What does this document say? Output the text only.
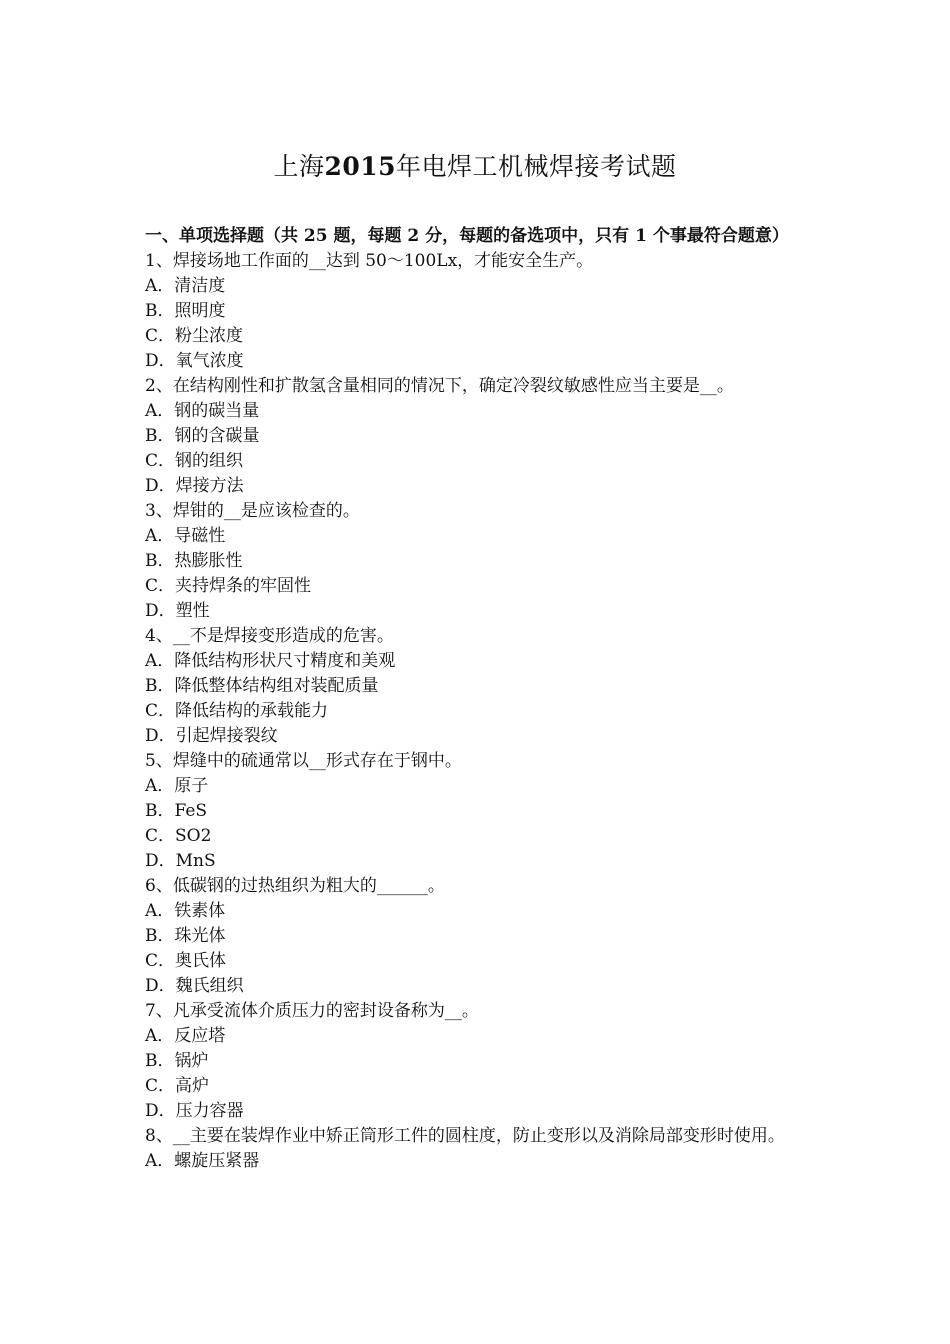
上海2015年电焊工机械焊接考试题

一、单项选择题（共 25 题，每题 2 分，每题的备选项中，只有 1 个事最符合题意）

1、焊接场地工作面的__达到 50～100Lx，才能安全生产。

A．清洁度

B．照明度

C．粉尘浓度

D．氧气浓度

2、在结构刚性和扩散氢含量相同的情况下，确定冷裂纹敏感性应当主要是__。

A．钢的碳当量

B．钢的含碳量

C．钢的组织

D．焊接方法

3、焊钳的__是应该检查的。

A．导磁性

B．热膨胀性

C．夹持焊条的牢固性

D．塑性

4、__不是焊接变形造成的危害。

A．降低结构形状尺寸精度和美观

B．降低整体结构组对装配质量

C．降低结构的承载能力

D．引起焊接裂纹

5、焊缝中的硫通常以__形式存在于钢中。

A．原子

B．FeS

C．SO2

D．MnS

6、低碳钢的过热组织为粗大的______。

A．铁素体

B．珠光体

C．奥氏体

D．魏氏组织

7、凡承受流体介质压力的密封设备称为__。

A．反应塔

B．锅炉

C．高炉

D．压力容器

8、__主要在装焊作业中矫正筒形工件的圆柱度，防止变形以及消除局部变形时使用。

A．螺旋压紧器
